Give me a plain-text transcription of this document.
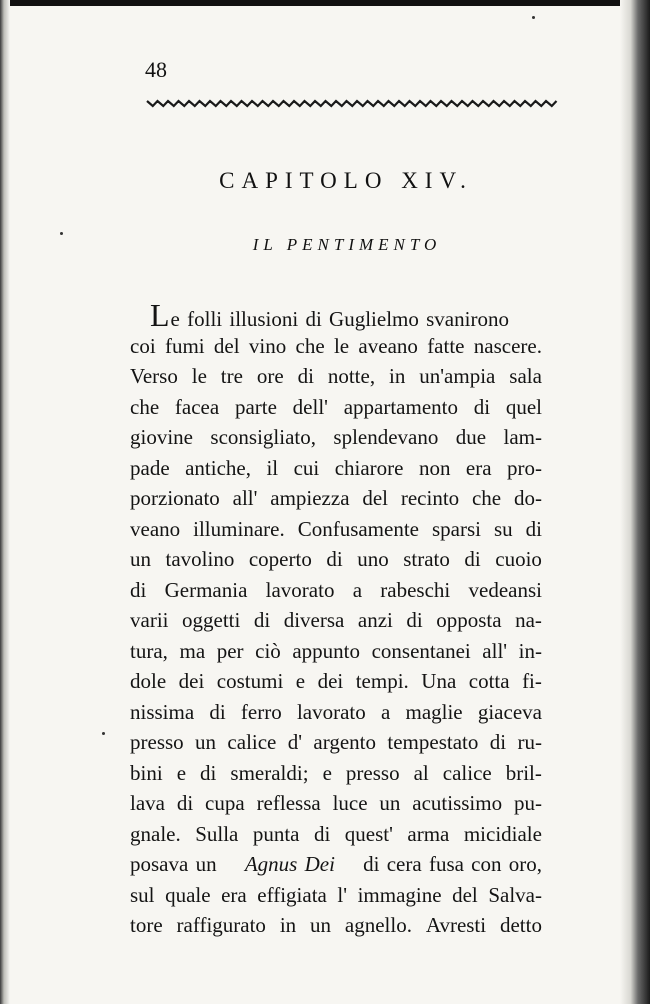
48
CAPITOLO XIV.
IL PENTIMENTO
Le folli illusioni di Guglielmo svanirono
coi fumi del vino che le aveano fatte nascere.
Verso le tre ore di notte, in un'ampia sala
che facea parte dell' appartamento di quel
giovine sconsigliato, splendevano due lam-
pade antiche, il cui chiarore non era pro-
porzionato all' ampiezza del recinto che do-
veano illuminare. Confusamente sparsi su di
un tavolino coperto di uno strato di cuoio
di Germania lavorato a rabeschi vedeansi
varii oggetti di diversa anzi di opposta na-
tura, ma per ciò appunto consentanei all' in-
dole dei costumi e dei tempi. Una cotta fi-
nissima di ferro lavorato a maglie giaceva
presso un calice d' argento tempestato di ru-
bini e di smeraldi; e presso al calice bril-
lava di cupa reflessa luce un acutissimo pu-
gnale. Sulla punta di quest' arma micidiale
posava un Agnus Dei di cera fusa con oro,
sul quale era effigiata l' immagine del Salva-
tore raffigurato in un agnello. Avresti detto
